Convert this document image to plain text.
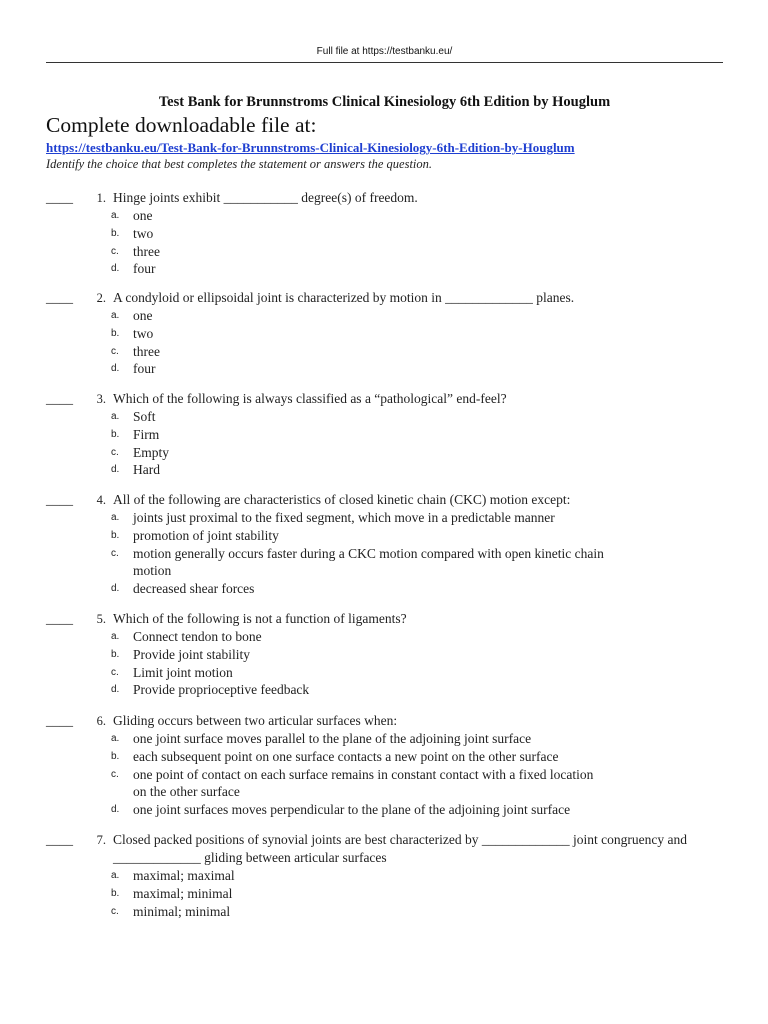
Full file at https://testbanku.eu/
Test Bank for Brunnstroms Clinical Kinesiology 6th Edition by Houglum
Complete downloadable file at:
https://testbanku.eu/Test-Bank-for-Brunnstroms-Clinical-Kinesiology-6th-Edition-by-Houglum
Identify the choice that best completes the statement or answers the question.
____	1. Hinge joints exhibit ___________ degree(s) of freedom.
a. one
b. two
c. three
d. four
____	2. A condyloid or ellipsoidal joint is characterized by motion in _____________ planes.
a. one
b. two
c. three
d. four
____	3. Which of the following is always classified as a “pathological” end-feel?
a. Soft
b. Firm
c. Empty
d. Hard
____	4. All of the following are characteristics of closed kinetic chain (CKC) motion except:
a. joints just proximal to the fixed segment, which move in a predictable manner
b. promotion of joint stability
c. motion generally occurs faster during a CKC motion compared with open kinetic chain motion
d. decreased shear forces
____	5. Which of the following is not a function of ligaments?
a. Connect tendon to bone
b. Provide joint stability
c. Limit joint motion
d. Provide proprioceptive feedback
____	6. Gliding occurs between two articular surfaces when:
a. one joint surface moves parallel to the plane of the adjoining joint surface
b. each subsequent point on one surface contacts a new point on the other surface
c. one point of contact on each surface remains in constant contact with a fixed location on the other surface
d. one joint surfaces moves perpendicular to the plane of the adjoining joint surface
____	7. Closed packed positions of synovial joints are best characterized by _____________ joint congruency and _____________ gliding between articular surfaces
a. maximal; maximal
b. maximal; minimal
c. minimal; minimal
